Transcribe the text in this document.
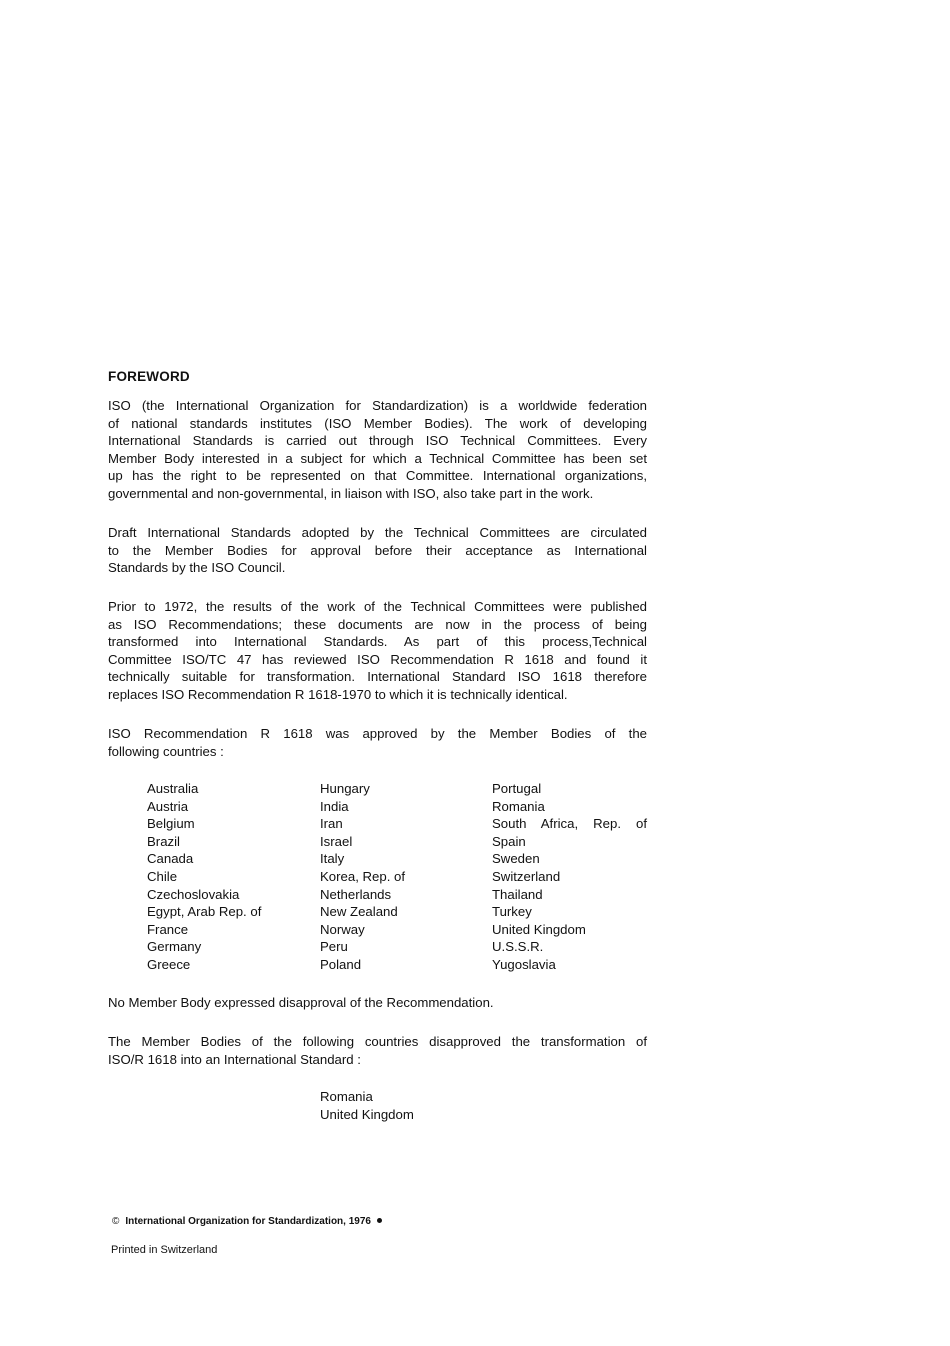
FOREWORD
ISO (the International Organization for Standardization) is a worldwide federation
of national standards institutes (ISO Member Bodies). The work of developing
International Standards is carried out through ISO Technical Committees. Every
Member Body interested in a subject for which a Technical Committee has been set
up has the right to be represented on that Committee. International organizations,
governmental and non-governmental, in liaison with ISO, also take part in the work.
Draft International Standards adopted by the Technical Committees are circulated
to the Member Bodies for approval before their acceptance as International
Standards by the ISO Council.
Prior to 1972, the results of the work of the Technical Committees were published
as ISO Recommendations; these documents are now in the process of being
transformed into International Standards. As part of this process,Technical
Committee ISO/TC 47 has reviewed ISO Recommendation R 1618 and found it
technically suitable for transformation. International Standard ISO 1618 therefore
replaces ISO Recommendation R 1618-1970 to which it is technically identical.
ISO Recommendation R 1618 was approved by the Member Bodies of the
following countries :
Australia
Austria
Belgium
Brazil
Canada
Chile
Czechoslovakia
Egypt, Arab Rep. of
France
Germany
Greece
Hungary
India
Iran
Israel
Italy
Korea, Rep. of
Netherlands
New Zealand
Norway
Peru
Poland
Portugal
Romania
South Africa, Rep. of
Spain
Sweden
Switzerland
Thailand
Turkey
United Kingdom
U.S.S.R.
Yugoslavia
No Member Body expressed disapproval of the Recommendation.
The Member Bodies of the following countries disapproved the transformation of
ISO/R 1618 into an International Standard :
Romania
United Kingdom
© International Organization for Standardization, 1976
Printed in Switzerland
